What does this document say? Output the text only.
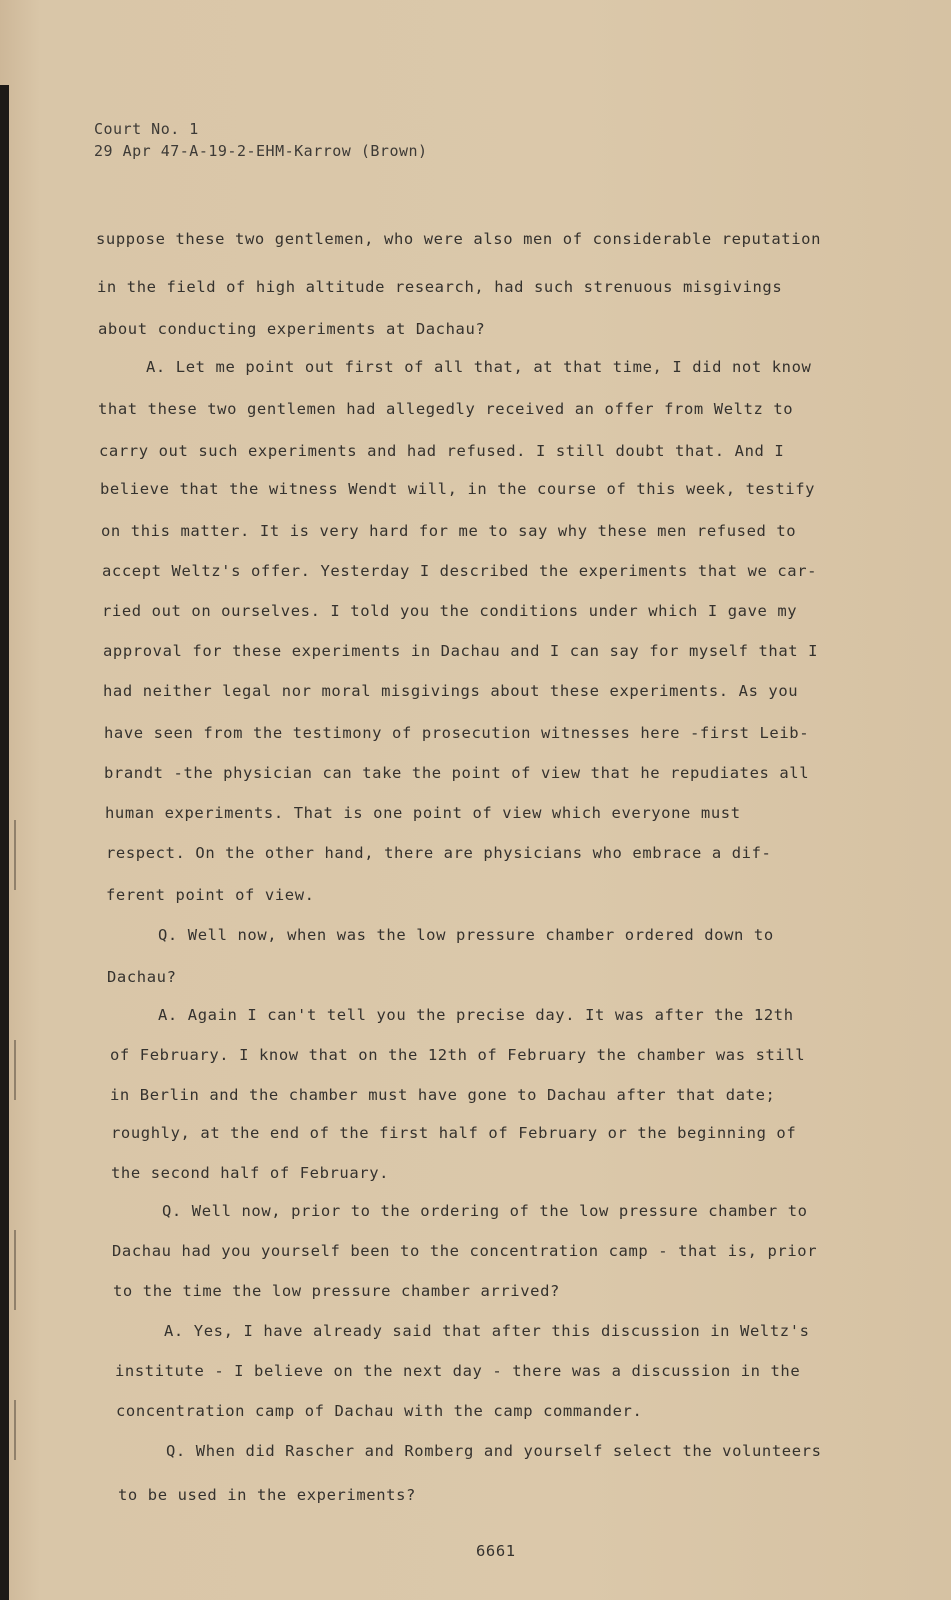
Court No. 1
29 Apr 47-A-19-2-EHM-Karrow (Brown)
suppose these two gentlemen, who were also men of considerable reputation
in the field of high altitude research, had such strenuous misgivings
about conducting experiments at Dachau?
A. Let me point out first of all that, at that time, I did not know
that these two gentlemen had allegedly received an offer from Weltz to
carry out such experiments and had refused. I still doubt that. And I
believe that the witness Wendt will, in the course of this week, testify
on this matter. It is very hard for me to say why these men refused to
accept Weltz's offer. Yesterday I described the experiments that we car-
ried out on ourselves. I told you the conditions under which I gave my
approval for these experiments in Dachau and I can say for myself that I
had neither legal nor moral misgivings about these experiments. As you
have seen from the testimony of prosecution witnesses here -first Leib-
brandt -the physician can take the point of view that he repudiates all
human experiments. That is one point of view which everyone must
respect. On the other hand, there are physicians who embrace a dif-
ferent point of view.
Q. Well now, when was the low pressure chamber ordered down to
Dachau?
A. Again I can't tell you the precise day. It was after the 12th
of February. I know that on the 12th of February the chamber was still
in Berlin and the chamber must have gone to Dachau after that date;
roughly, at the end of the first half of February or the beginning of
the second half of February.
Q. Well now, prior to the ordering of the low pressure chamber to
Dachau had you yourself been to the concentration camp - that is, prior
to the time the low pressure chamber arrived?
A. Yes, I have already said that after this discussion in Weltz's
institute - I believe on the next day - there was a discussion in the
concentration camp of Dachau with the camp commander.
Q. When did Rascher and Romberg and yourself select the volunteers
to be used in the experiments?
6661
